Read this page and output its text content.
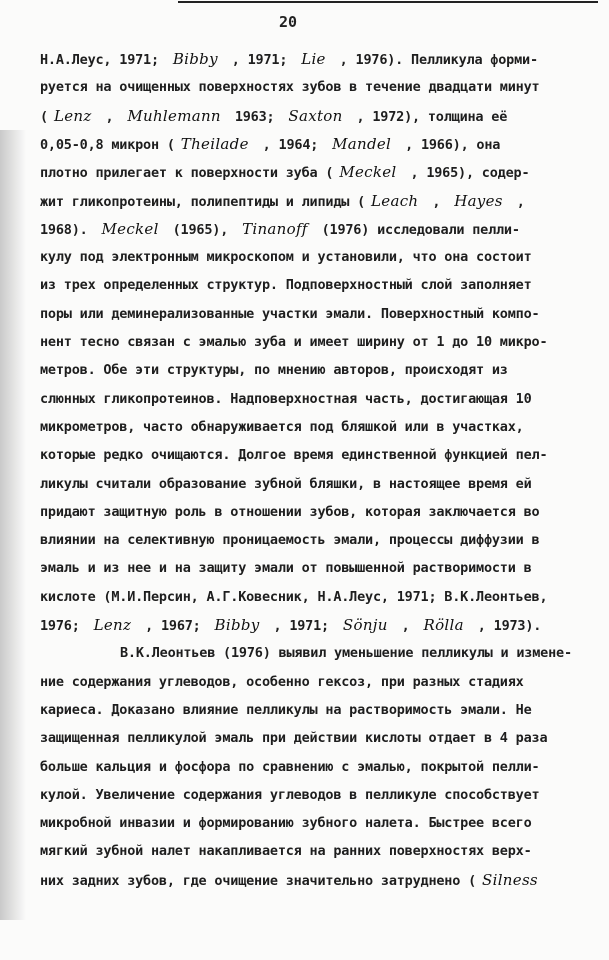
20
Н.А.Леус, 1971; Bibby , 1971; Lie , 1976). Пелликула форми-
руется на очищенных поверхностях зубов в течение двадцати минут
( Lenz , Muhlemann 1963; Saxton , 1972), толщина её
0,05-0,8 микрон ( Theilade , 1964; Mandel , 1966), она
плотно прилегает к поверхности зуба ( Meckel , 1965), содер-
жит гликопротеины, полипептиды и липиды ( Leach , Hayes ,
1968). Meckel (1965), Tinanoff (1976) исследовали пелли-
кулу под электронным микроскопом и установили, что она состоит
из трех определенных структур. Подповерхностный слой заполняет
поры или деминерализованные участки эмали. Поверхностный компо-
нент тесно связан с эмалью зуба и имеет ширину от 1 до 10 микро-
метров. Обе эти структуры, по мнению авторов, происходят из
слюнных гликопротеинов. Надповерхностная часть, достигающая 10
микрометров, часто обнаруживается под бляшкой или в участках,
которые редко очищаются. Долгое время единственной функцией пел-
ликулы считали образование зубной бляшки, в настоящее время ей
придают защитную роль в отношении зубов, которая заключается во
влиянии на селективную проницаемость эмали, процессы диффузии в
эмаль и из нее и на защиту эмали от повышенной растворимости в
кислоте (М.И.Персин, А.Г.Ковесник, Н.А.Леус, 1971; В.К.Леонтьев,
1976; Lenz , 1967; Bibby , 1971; Sönju , Rölla , 1973).
В.К.Леонтьев (1976) выявил уменьшение пелликулы и измене-
ние содержания углеводов, особенно гексоз, при разных стадиях
кариеса. Доказано влияние пелликулы на растворимость эмали. Не
защищенная пелликулой эмаль при действии кислоты отдает в 4 раза
больше кальция и фосфора по сравнению с эмалью, покрытой пелли-
кулой. Увеличение содержания углеводов в пелликуле способствует
микробной инвазии и формированию зубного налета. Быстрее всего
мягкий зубной налет накапливается на ранних поверхностях верх-
них задних зубов, где очищение значительно затруднено ( Silness
